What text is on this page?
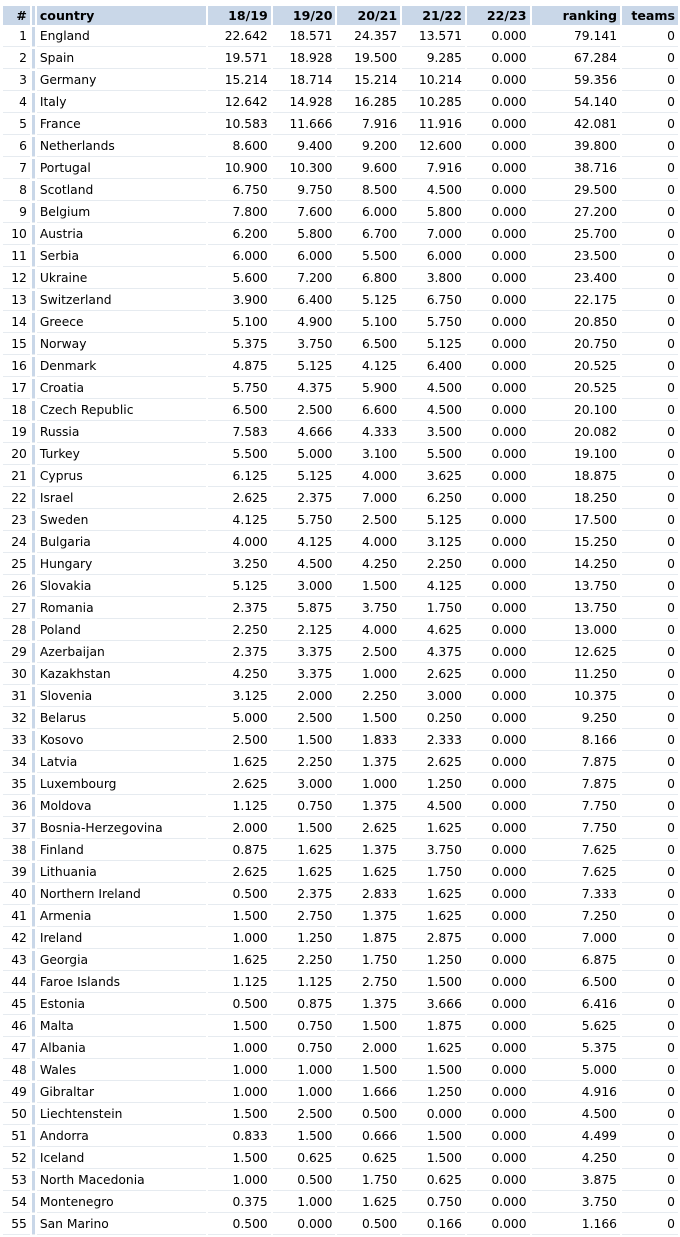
#		country	18/19	19/20	20/21	21/22	22/23	ranking	teams
1		England	22.642	18.571	24.357	13.571	0.000	79.141	0
2		Spain	19.571	18.928	19.500	9.285	0.000	67.284	0
3		Germany	15.214	18.714	15.214	10.214	0.000	59.356	0
4		Italy	12.642	14.928	16.285	10.285	0.000	54.140	0
5		France	10.583	11.666	7.916	11.916	0.000	42.081	0
6		Netherlands	8.600	9.400	9.200	12.600	0.000	39.800	0
7		Portugal	10.900	10.300	9.600	7.916	0.000	38.716	0
8		Scotland	6.750	9.750	8.500	4.500	0.000	29.500	0
9		Belgium	7.800	7.600	6.000	5.800	0.000	27.200	0
10		Austria	6.200	5.800	6.700	7.000	0.000	25.700	0
11		Serbia	6.000	6.000	5.500	6.000	0.000	23.500	0
12		Ukraine	5.600	7.200	6.800	3.800	0.000	23.400	0
13		Switzerland	3.900	6.400	5.125	6.750	0.000	22.175	0
14		Greece	5.100	4.900	5.100	5.750	0.000	20.850	0
15		Norway	5.375	3.750	6.500	5.125	0.000	20.750	0
16		Denmark	4.875	5.125	4.125	6.400	0.000	20.525	0
17		Croatia	5.750	4.375	5.900	4.500	0.000	20.525	0
18		Czech Republic	6.500	2.500	6.600	4.500	0.000	20.100	0
19		Russia	7.583	4.666	4.333	3.500	0.000	20.082	0
20		Turkey	5.500	5.000	3.100	5.500	0.000	19.100	0
21		Cyprus	6.125	5.125	4.000	3.625	0.000	18.875	0
22		Israel	2.625	2.375	7.000	6.250	0.000	18.250	0
23		Sweden	4.125	5.750	2.500	5.125	0.000	17.500	0
24		Bulgaria	4.000	4.125	4.000	3.125	0.000	15.250	0
25		Hungary	3.250	4.500	4.250	2.250	0.000	14.250	0
26		Slovakia	5.125	3.000	1.500	4.125	0.000	13.750	0
27		Romania	2.375	5.875	3.750	1.750	0.000	13.750	0
28		Poland	2.250	2.125	4.000	4.625	0.000	13.000	0
29		Azerbaijan	2.375	3.375	2.500	4.375	0.000	12.625	0
30		Kazakhstan	4.250	3.375	1.000	2.625	0.000	11.250	0
31		Slovenia	3.125	2.000	2.250	3.000	0.000	10.375	0
32		Belarus	5.000	2.500	1.500	0.250	0.000	9.250	0
33		Kosovo	2.500	1.500	1.833	2.333	0.000	8.166	0
34		Latvia	1.625	2.250	1.375	2.625	0.000	7.875	0
35		Luxembourg	2.625	3.000	1.000	1.250	0.000	7.875	0
36		Moldova	1.125	0.750	1.375	4.500	0.000	7.750	0
37		Bosnia-Herzegovina	2.000	1.500	2.625	1.625	0.000	7.750	0
38		Finland	0.875	1.625	1.375	3.750	0.000	7.625	0
39		Lithuania	2.625	1.625	1.625	1.750	0.000	7.625	0
40		Northern Ireland	0.500	2.375	2.833	1.625	0.000	7.333	0
41		Armenia	1.500	2.750	1.375	1.625	0.000	7.250	0
42		Ireland	1.000	1.250	1.875	2.875	0.000	7.000	0
43		Georgia	1.625	2.250	1.750	1.250	0.000	6.875	0
44		Faroe Islands	1.125	1.125	2.750	1.500	0.000	6.500	0
45		Estonia	0.500	0.875	1.375	3.666	0.000	6.416	0
46		Malta	1.500	0.750	1.500	1.875	0.000	5.625	0
47		Albania	1.000	0.750	2.000	1.625	0.000	5.375	0
48		Wales	1.000	1.000	1.500	1.500	0.000	5.000	0
49		Gibraltar	1.000	1.000	1.666	1.250	0.000	4.916	0
50		Liechtenstein	1.500	2.500	0.500	0.000	0.000	4.500	0
51		Andorra	0.833	1.500	0.666	1.500	0.000	4.499	0
52		Iceland	1.500	0.625	0.625	1.500	0.000	4.250	0
53		North Macedonia	1.000	0.500	1.750	0.625	0.000	3.875	0
54		Montenegro	0.375	1.000	1.625	0.750	0.000	3.750	0
55		San Marino	0.500	0.000	0.500	0.166	0.000	1.166	0
